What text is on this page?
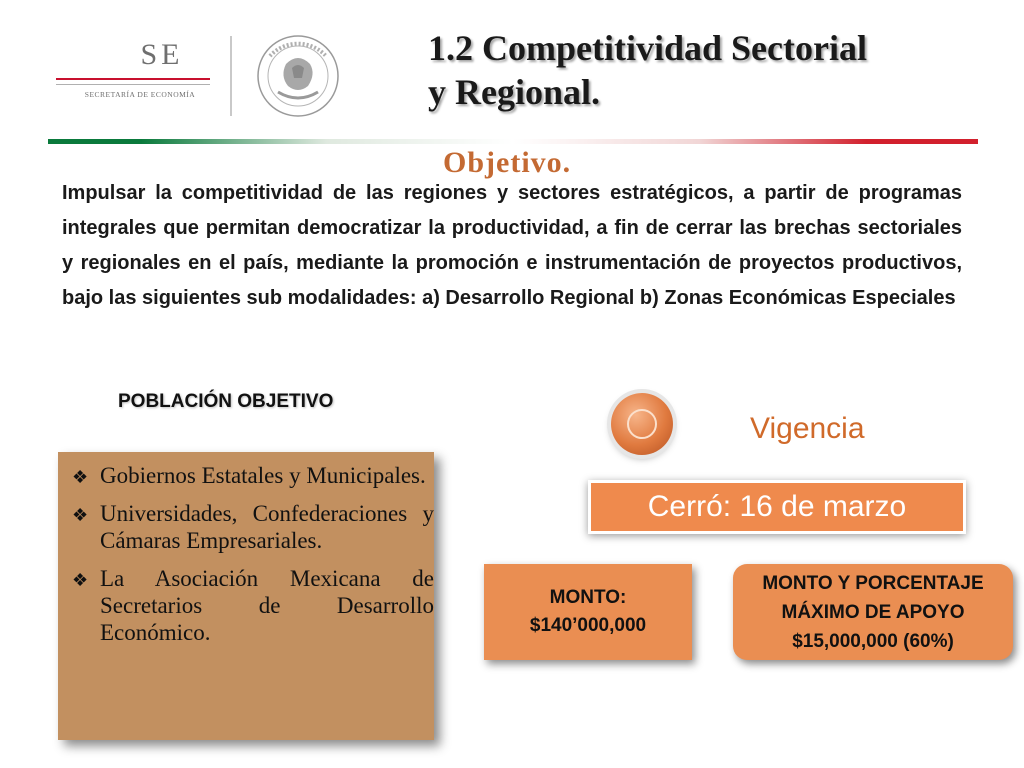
SE
SECRETARÍA DE ECONOMÍA
1.2 Competitividad Sectorial
y Regional.
Objetivo.
Impulsar la competitividad de las regiones y sectores estratégicos, a partir de programas integrales que permitan democratizar la productividad, a fin de cerrar las brechas sectoriales y regionales en el país, mediante la promoción e instrumentación de proyectos productivos, bajo las siguientes sub modalidades: a) Desarrollo Regional b) Zonas Económicas Especiales
POBLACIÓN OBJETIVO
❖ Gobiernos Estatales y Municipales.
❖ Universidades, Confederaciones y Cámaras Empresariales.
❖ La Asociación Mexicana de Secretarios de Desarrollo Económico.
Vigencia
Cerró: 16 de marzo
MONTO:
$140’000,000
MONTO Y PORCENTAJE
MÁXIMO DE APOYO
$15,000,000 (60%)
